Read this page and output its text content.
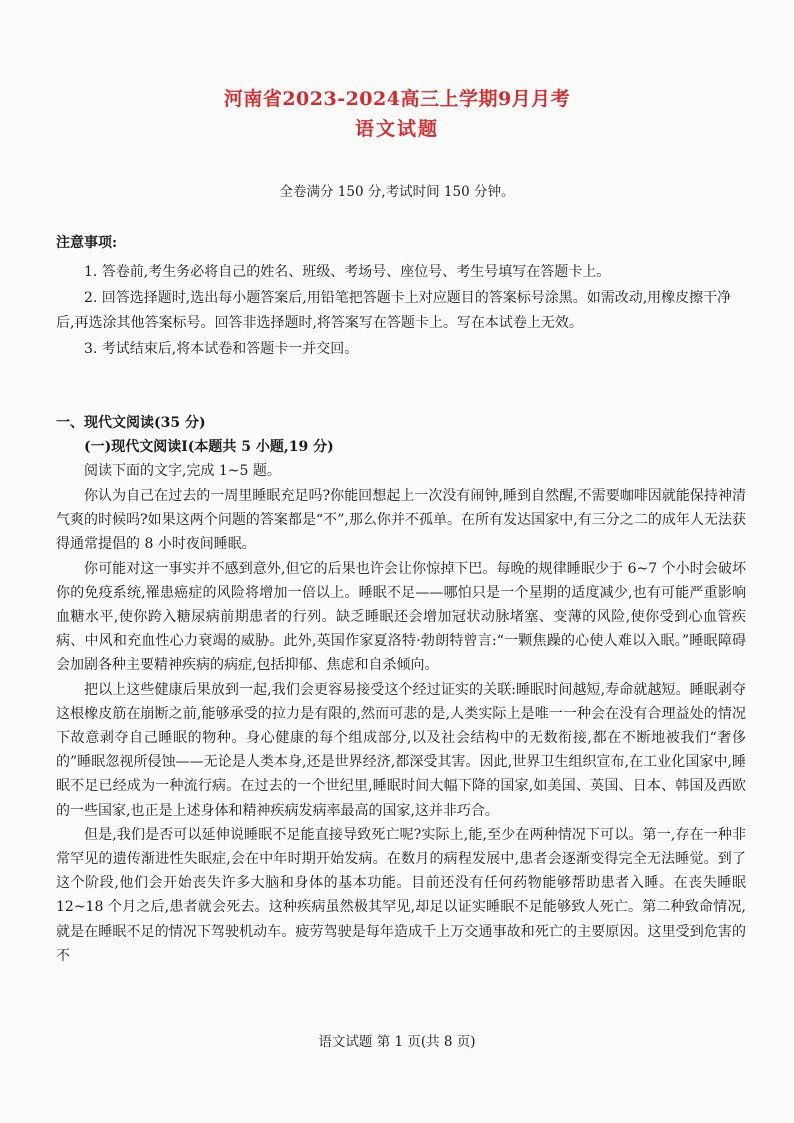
河南省2023-2024高三上学期9月月考
语文试题
全卷满分 150 分,考试时间 150 分钟。
注意事项:

1. 答卷前,考生务必将自己的姓名、班级、考场号、座位号、考生号填写在答题卡上。

2. 回答选择题时,选出每小题答案后,用铅笔把答题卡上对应题目的答案标号涂黑。如需改动,用橡皮擦干净后,再选涂其他答案标号。回答非选择题时,将答案写在答题卡上。写在本试卷上无效。

3. 考试结束后,将本试卷和答题卡一并交回。

一、现代文阅读(35 分)
(一)现代文阅读Ⅰ(本题共 5 小题,19 分)
阅读下面的文字,完成 1~5 题。

你认为自己在过去的一周里睡眠充足吗?你能回想起上一次没有闹钟,睡到自然醒,不需要咖啡因就能保持神清气爽的时候吗?如果这两个问题的答案都是“不”,那么你并不孤单。在所有发达国家中,有三分之二的成年人无法获得通常提倡的 8 小时夜间睡眠。

你可能对这一事实并不感到意外,但它的后果也许会让你惊掉下巴。每晚的规律睡眠少于 6~7 个小时会破坏你的免疫系统,罹患癌症的风险将增加一倍以上。睡眠不足——哪怕只是一个星期的适度减少,也有可能严重影响血糖水平,使你跨入糖尿病前期患者的行列。缺乏睡眠还会增加冠状动脉堵塞、变薄的风险,使你受到心血管疾病、中风和充血性心力衰竭的威胁。此外,英国作家夏洛特·勃朗特曾言:“一颗焦躁的心使人难以入眠。”睡眠障碍会加剧各种主要精神疾病的病症,包括抑郁、焦虑和自杀倾向。

把以上这些健康后果放到一起,我们会更容易接受这个经过证实的关联:睡眠时间越短,寿命就越短。睡眠剥夺这根橡皮筋在崩断之前,能够承受的拉力是有限的,然而可悲的是,人类实际上是唯一一种会在没有合理益处的情况下故意剥夺自己睡眠的物种。身心健康的每个组成部分,以及社会结构中的无数衔接,都在不断地被我们“奢侈的”睡眠忽视所侵蚀——无论是人类本身,还是世界经济,都深受其害。因此,世界卫生组织宣布,在工业化国家中,睡眠不足已经成为一种流行病。在过去的一个世纪里,睡眠时间大幅下降的国家,如美国、英国、日本、韩国及西欧的一些国家,也正是上述身体和精神疾病发病率最高的国家,这并非巧合。

但是,我们是否可以延伸说睡眠不足能直接导致死亡呢?实际上,能,至少在两种情况下可以。第一,存在一种非常罕见的遗传渐进性失眠症,会在中年时期开始发病。在数月的病程发展中,患者会逐渐变得完全无法睡觉。到了这个阶段,他们会开始丧失许多大脑和身体的基本功能。目前还没有任何药物能够帮助患者入睡。在丧失睡眠 12~18 个月之后,患者就会死去。这种疾病虽然极其罕见,却足以证实睡眠不足能够致人死亡。第二种致命情况,就是在睡眠不足的情况下驾驶机动车。疲劳驾驶是每年造成千上万交通事故和死亡的主要原因。这里受到危害的不

语文试题 第 1 页(共 8 页)
